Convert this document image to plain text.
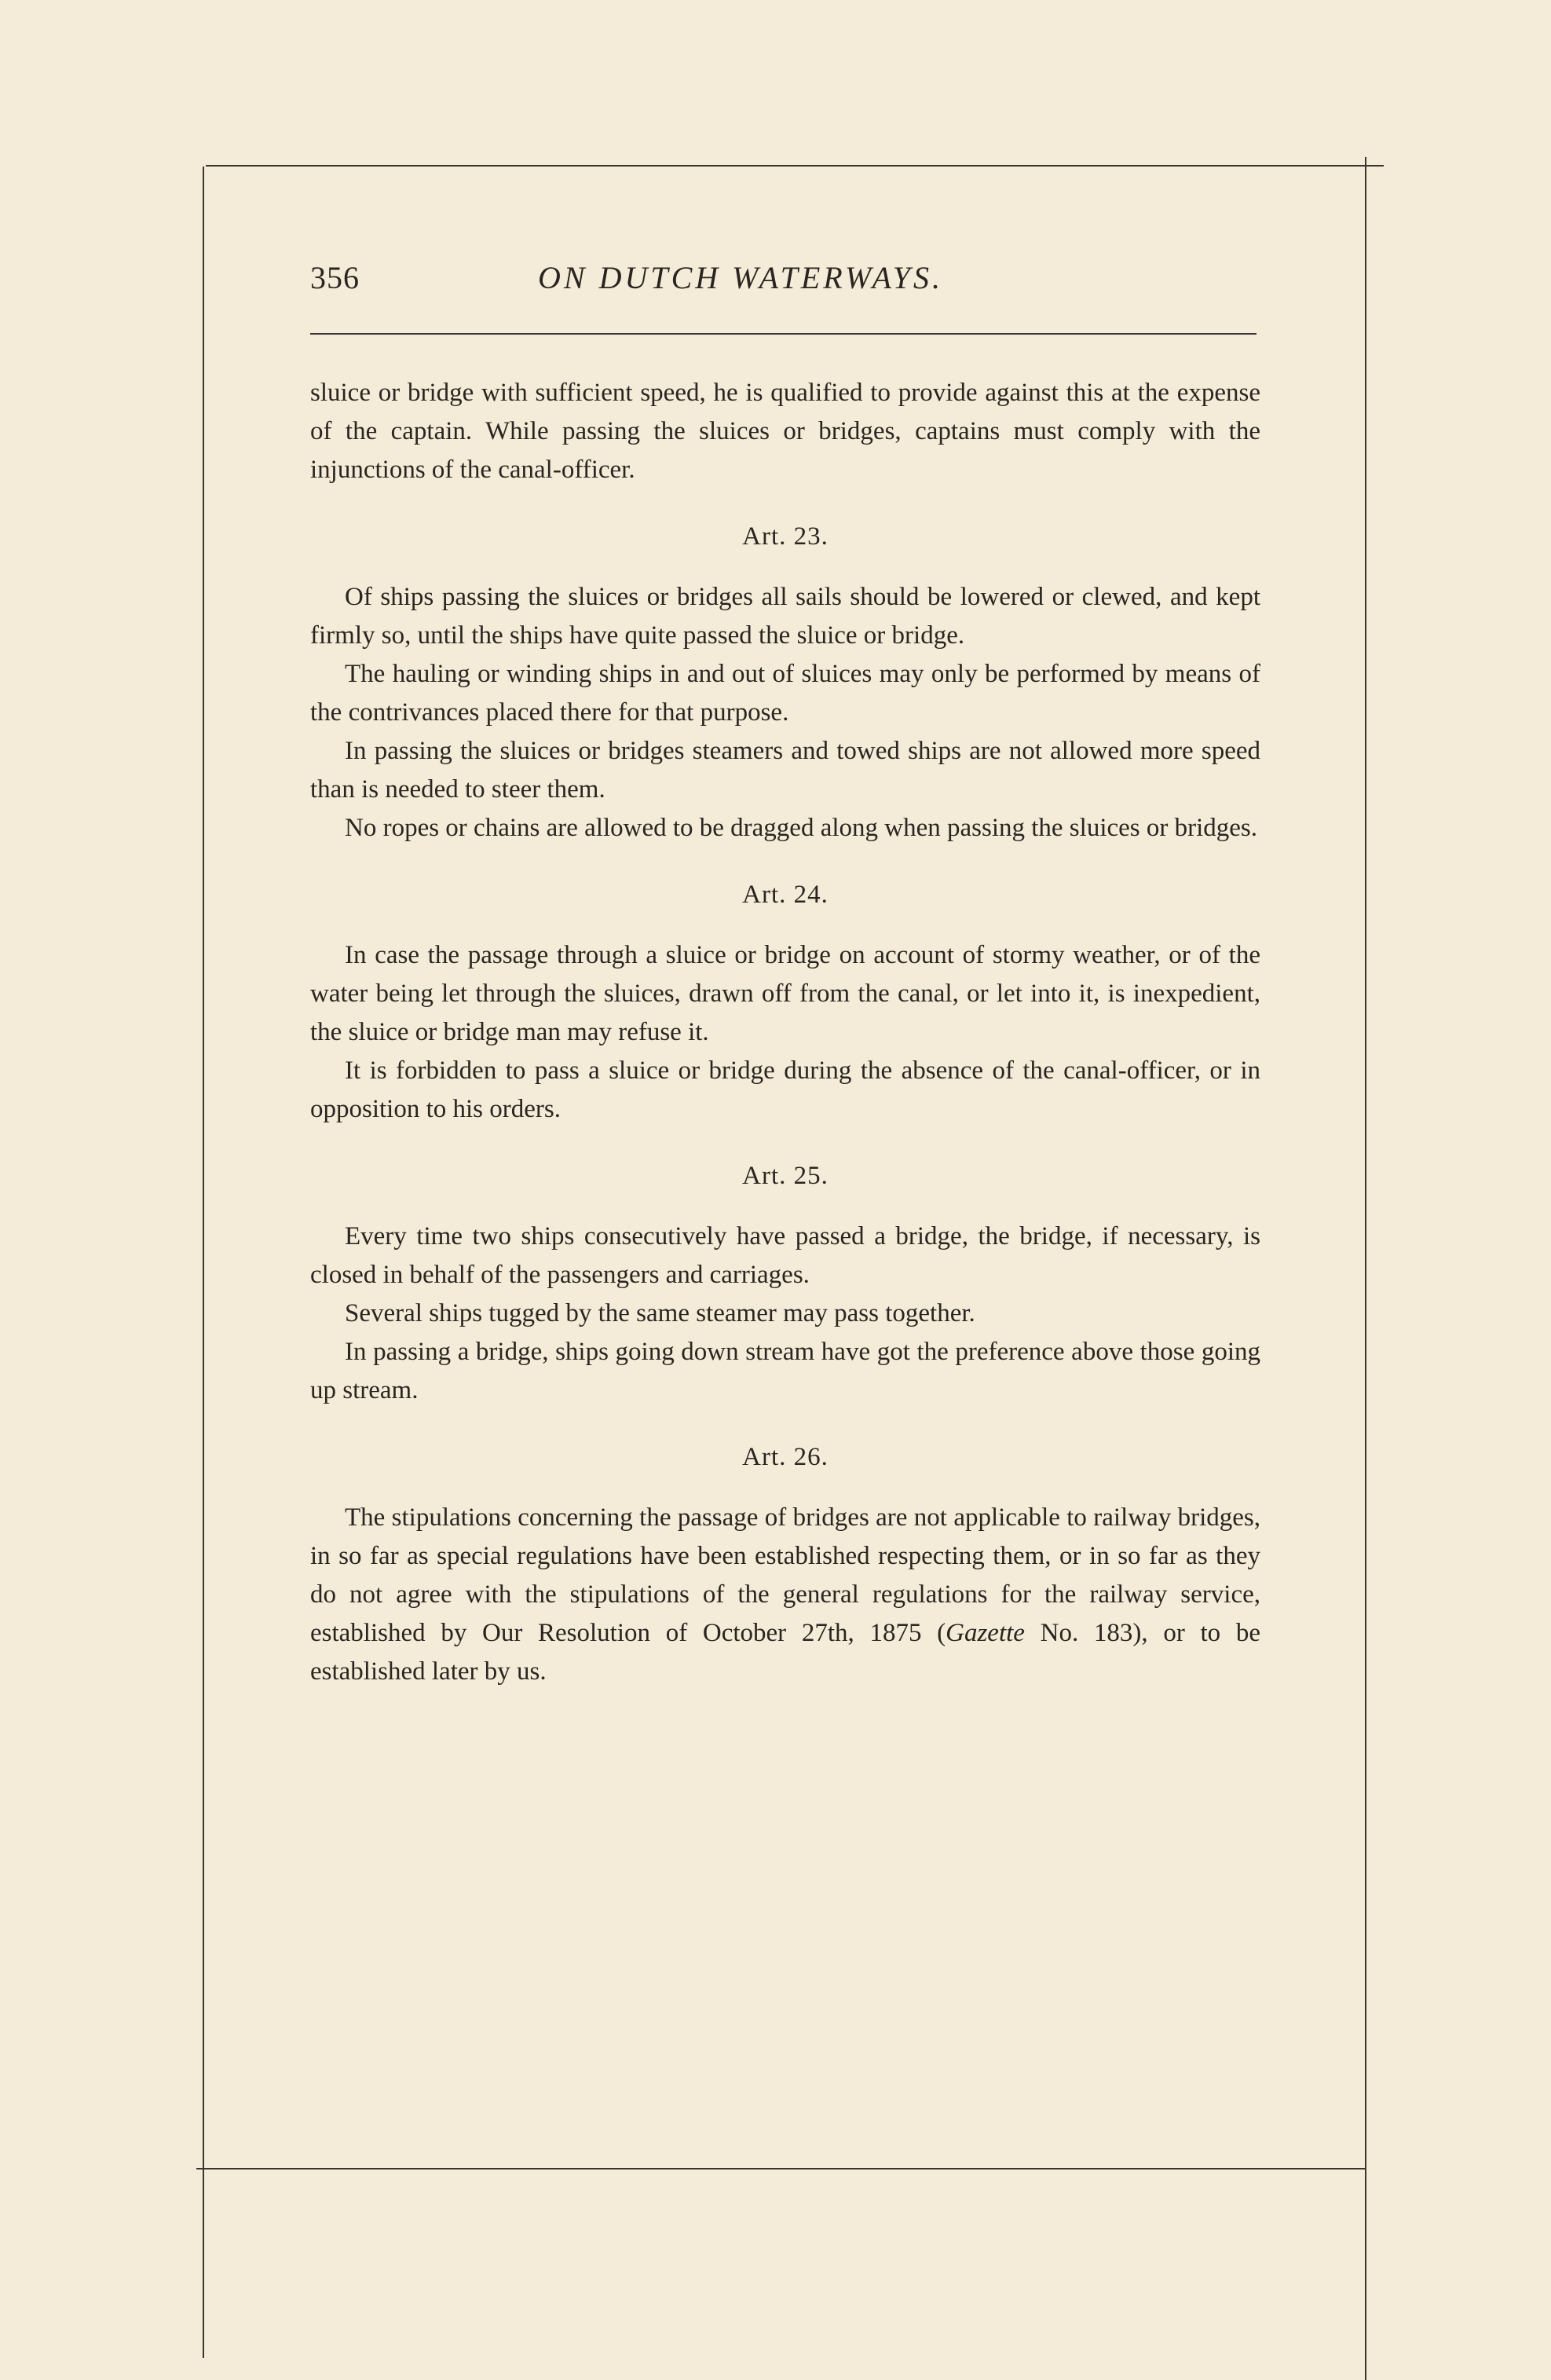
356	ON DUTCH WATERWAYS.

sluice or bridge with sufficient speed, he is qualified to provide against this at the expense of the captain. While passing the sluices or bridges, captains must comply with the injunctions of the canal-officer.

Art. 23.

Of ships passing the sluices or bridges all sails should be lowered or clewed, and kept firmly so, until the ships have quite passed the sluice or bridge.

The hauling or winding ships in and out of sluices may only be performed by means of the contrivances placed there for that purpose.

In passing the sluices or bridges steamers and towed ships are not allowed more speed than is needed to steer them.

No ropes or chains are allowed to be dragged along when passing the sluices or bridges.

Art. 24.

In case the passage through a sluice or bridge on account of stormy weather, or of the water being let through the sluices, drawn off from the canal, or let into it, is inexpedient, the sluice or bridge man may refuse it.

It is forbidden to pass a sluice or bridge during the absence of the canal-officer, or in opposition to his orders.

Art. 25.

Every time two ships consecutively have passed a bridge, the bridge, if necessary, is closed in behalf of the passengers and carriages.

Several ships tugged by the same steamer may pass together.

In passing a bridge, ships going down stream have got the preference above those going up stream.

Art. 26.

The stipulations concerning the passage of bridges are not applicable to railway bridges, in so far as special regulations have been established respecting them, or in so far as they do not agree with the stipulations of the general regulations for the railway service, established by Our Resolution of October 27th, 1875 (Gazette No. 183), or to be established later by us.
